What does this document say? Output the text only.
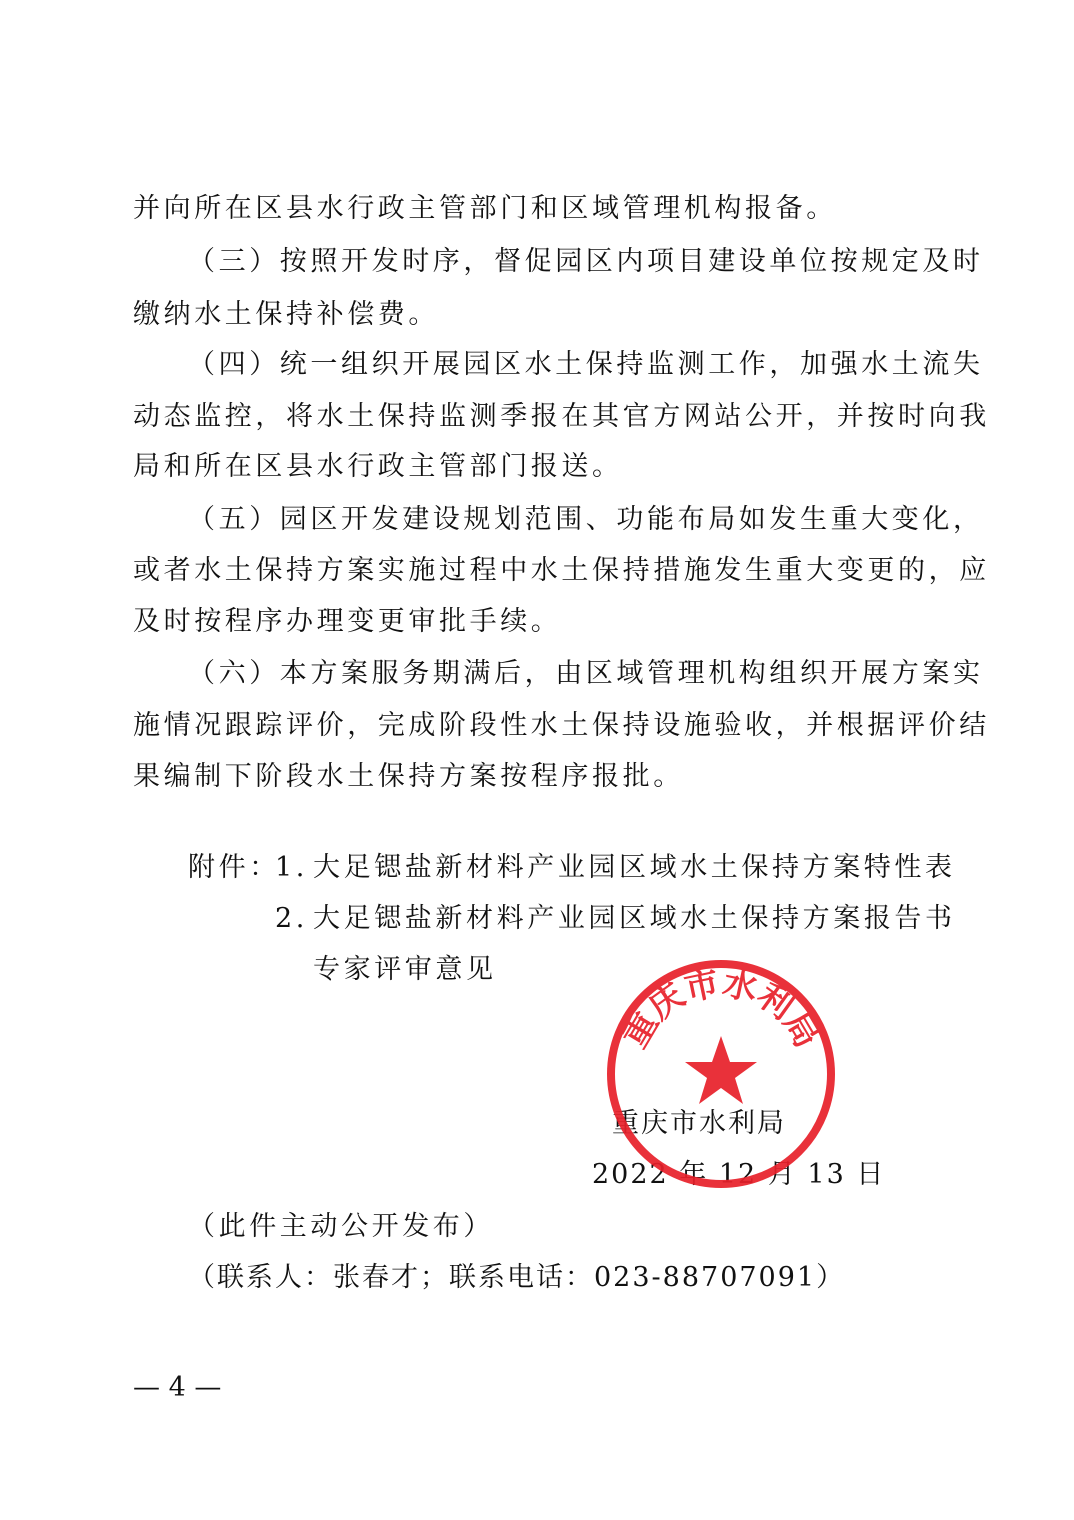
并向所在区县水行政主管部门和区域管理机构报备。
（三）按照开发时序，督促园区内项目建设单位按规定及时
缴纳水土保持补偿费。
（四）统一组织开展园区水土保持监测工作，加强水土流失
动态监控，将水土保持监测季报在其官方网站公开，并按时向我
局和所在区县水行政主管部门报送。
（五）园区开发建设规划范围、功能布局如发生重大变化，
或者水土保持方案实施过程中水土保持措施发生重大变更的，应
及时按程序办理变更审批手续。
（六）本方案服务期满后，由区域管理机构组织开展方案实
施情况跟踪评价，完成阶段性水土保持设施验收，并根据评价结
果编制下阶段水土保持方案按程序报批。
附件：
1. 大足锶盐新材料产业园区域水土保持方案特性表
2. 大足锶盐新材料产业园区域水土保持方案报告书
专家评审意见
重庆市水利局
2022 年 12 月 13 日
重庆市水利局
（此件主动公开发布）
（联系人：张春才；联系电话：023-88707091）
— 4 —
